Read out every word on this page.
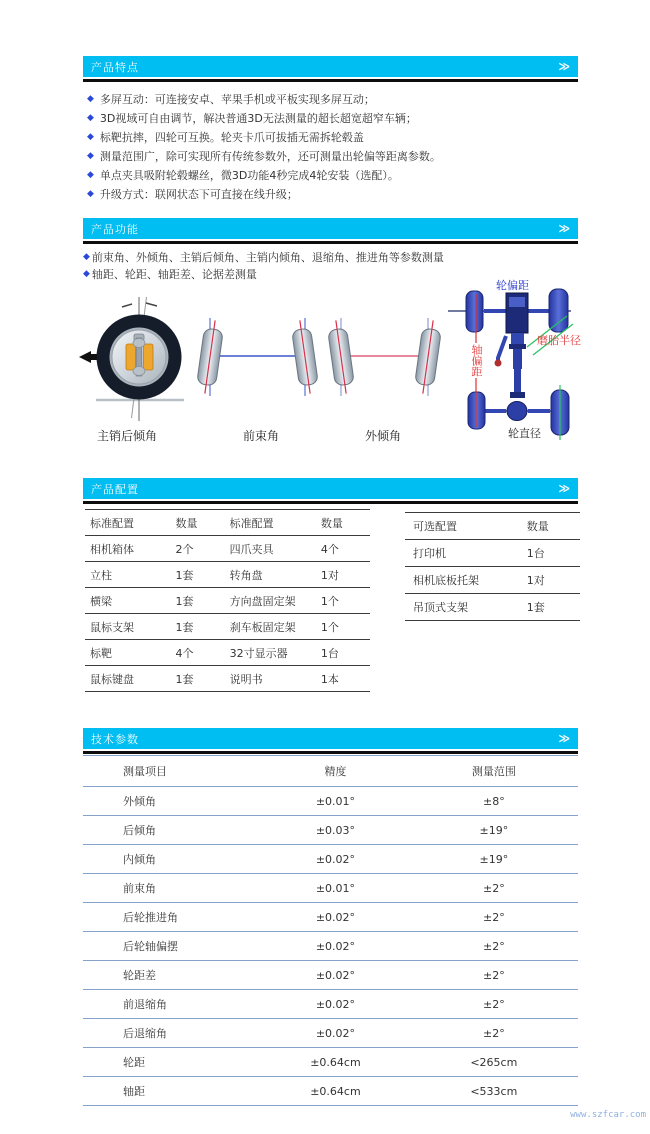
产品特点	≫
◆ 多屏互动：可连接安卓、苹果手机或平板实现多屏互动；
◆ 3D视域可自由调节，解决普通3D无法测量的超长超宽超窄车辆；
◆ 标靶抗摔，四轮可互换。轮夹卡爪可拔插无需拆轮毂盖
◆ 测量范围广，除可实现所有传统参数外，还可测量出轮偏等距离参数。
◆ 单点夹具吸附轮毂螺丝，微3D功能4秒完成4轮安装（选配）。
◆ 升级方式：联网状态下可直接在线升级；
产品功能	≫
◆ 前束角、外倾角、主销后倾角、主销内倾角、退缩角、推进角等参数测量
◆ 轴距、轮距、轴距差、论据差测量
主销后倾角	前束角	外倾角
轮偏距
磨胎半径
轴偏距
轮直径
产品配置	≫
标准配置	数量	标准配置	数量
相机箱体	2个	四爪夹具	4个
立柱	1套	转角盘	1对
横梁	1套	方向盘固定架	1个
鼠标支架	1套	刹车板固定架	1个
标靶	4个	32寸显示器	1台
鼠标键盘	1套	说明书	1本
可选配置	数量
打印机	1台
相机底板托架	1对
吊顶式支架	1套
技术参数	≫
测量项目	精度	测量范围
外倾角	±0.01°	±8°
后倾角	±0.03°	±19°
内倾角	±0.02°	±19°
前束角	±0.01°	±2°
后轮推进角	±0.02°	±2°
后轮轴偏摆	±0.02°	±2°
轮距差	±0.02°	±2°
前退缩角	±0.02°	±2°
后退缩角	±0.02°	±2°
轮距	±0.64cm	<265cm
轴距	±0.64cm	<533cm
www.szfcar.com
